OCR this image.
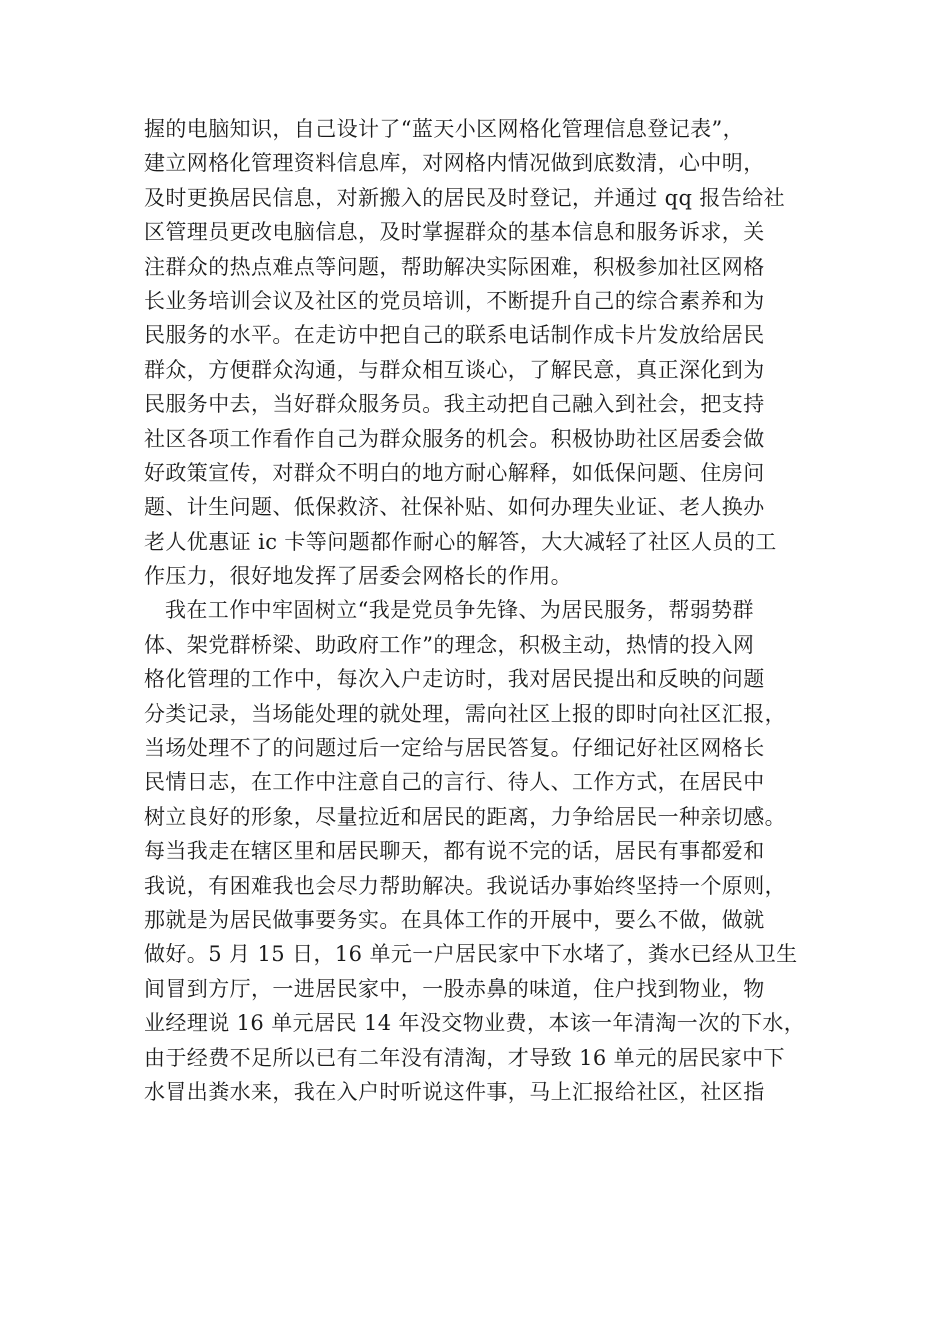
握的电脑知识，自己设计了“蓝天小区网格化管理信息登记表”，
建立网格化管理资料信息库，对网格内情况做到底数清，心中明，
及时更换居民信息，对新搬入的居民及时登记，并通过 qq 报告给社
区管理员更改电脑信息，及时掌握群众的基本信息和服务诉求，关
注群众的热点难点等问题，帮助解决实际困难，积极参加社区网格
长业务培训会议及社区的党员培训，不断提升自己的综合素养和为
民服务的水平。在走访中把自己的联系电话制作成卡片发放给居民
群众，方便群众沟通，与群众相互谈心，了解民意，真正深化到为
民服务中去，当好群众服务员。我主动把自己融入到社会，把支持
社区各项工作看作自己为群众服务的机会。积极协助社区居委会做
好政策宣传，对群众不明白的地方耐心解释，如低保问题、住房问
题、计生问题、低保救济、社保补贴、如何办理失业证、老人换办
老人优惠证 ic 卡等问题都作耐心的解答，大大减轻了社区人员的工
作压力，很好地发挥了居委会网格长的作用。
我在工作中牢固树立“我是党员争先锋、为居民服务，帮弱势群
体、架党群桥梁、助政府工作”的理念，积极主动，热情的投入网
格化管理的工作中，每次入户走访时，我对居民提出和反映的问题
分类记录，当场能处理的就处理，需向社区上报的即时向社区汇报，
当场处理不了的问题过后一定给与居民答复。仔细记好社区网格长
民情日志，在工作中注意自己的言行、待人、工作方式，在居民中
树立良好的形象，尽量拉近和居民的距离，力争给居民一种亲切感。
每当我走在辖区里和居民聊天，都有说不完的话，居民有事都爱和
我说，有困难我也会尽力帮助解决。我说话办事始终坚持一个原则，
那就是为居民做事要务实。在具体工作的开展中，要么不做，做就
做好。5 月 15 日，16 单元一户居民家中下水堵了，粪水已经从卫生
间冒到方厅，一进居民家中，一股赤鼻的味道，住户找到物业，物
业经理说 16 单元居民 14 年没交物业费，本该一年清淘一次的下水，
由于经费不足所以已有二年没有清淘，才导致 16 单元的居民家中下
水冒出粪水来，我在入户时听说这件事，马上汇报给社区，社区指
